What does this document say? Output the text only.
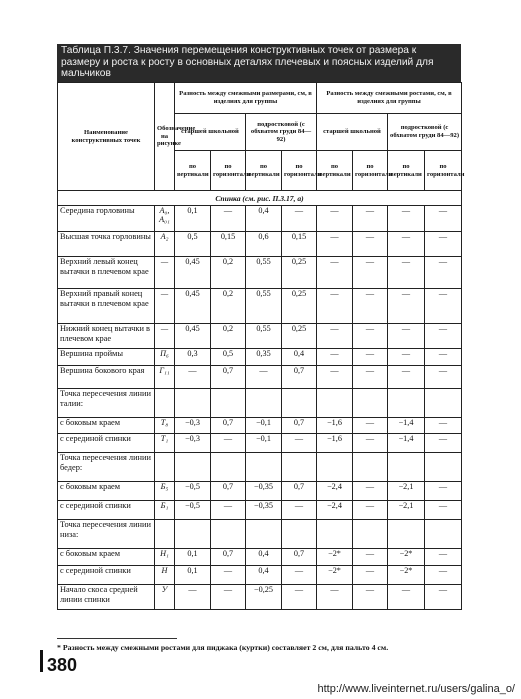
Таблица П.3.7. Значения перемещения конструктивных точек от размера к размеру и роста к росту в основных деталях плечевых и поясных изделий для мальчиков
Наименование конструктивных точек	Обозначение на рисунке	Разность между смежными размерами, см, в изделиях для группы				Разность между смежными ростами, см, в изделиях для группы			
		старшей школьной		подростковой (с обхватом груди 84—92)		старшей школьной		подростковой (с обхватом груди 84—92)	
		по вертикали	по горизонтали	по вертикали	по горизонтали	по вертикали	по горизонтали	по вертикали	по горизонтали
Спинка (см. рис. П.3.17, а)									
Середина горловины	А₀, А₀₁	0,1	—	0,4	—	—	—	—	—
Высшая точка горловины	А₂	0,5	0,15	0,6	0,15	—	—	—	—
Верхний левый конец вытачки в плечевом крае	—	0,45	0,2	0,55	0,25	—	—	—	—
Верхний правый конец вытачки в плечевом крае	—	0,45	0,2	0,55	0,25	—	—	—	—
Нижний конец вытачки в плечевом крае	—	0,45	0,2	0,55	0,25	—	—	—	—
Вершина проймы	П₆	0,3	0,5	0,35	0,4	—	—	—	—
Вершина бокового края	Г₁₁	—	0,7	—	0,7	—	—	—	—
Точка пересечения линии талии:									
с боковым краем	Т₈	−0,3	0,7	−0,1	0,7	−1,6	—	−1,4	—
с серединой спинки	Т₁	−0,3	—	−0,1	—	−1,6	—	−1,4	—
Точка пересечения линии бедер:									
с боковым краем	Б₅	−0,5	0,7	−0,35	0,7	−2,4	—	−2,1	—
с серединой спинки	Б₁	−0,5	—	−0,35	—	−2,4	—	−2,1	—
Точка пересечения линии низа:									
с боковым краем	Н₁	0,1	0,7	0,4	0,7	−2*	—	−2*	—
с серединой спинки	Н	0,1	—	0,4	—	−2*	—	−2*	—
Начало скоса средней линии спинки	У	—	—	−0,25	—	—	—	—	—
* Разность между смежными ростами для пиджака (куртки) составляет 2 см, для пальто 4 см.
380
http://www.liveinternet.ru/users/galina_o/
